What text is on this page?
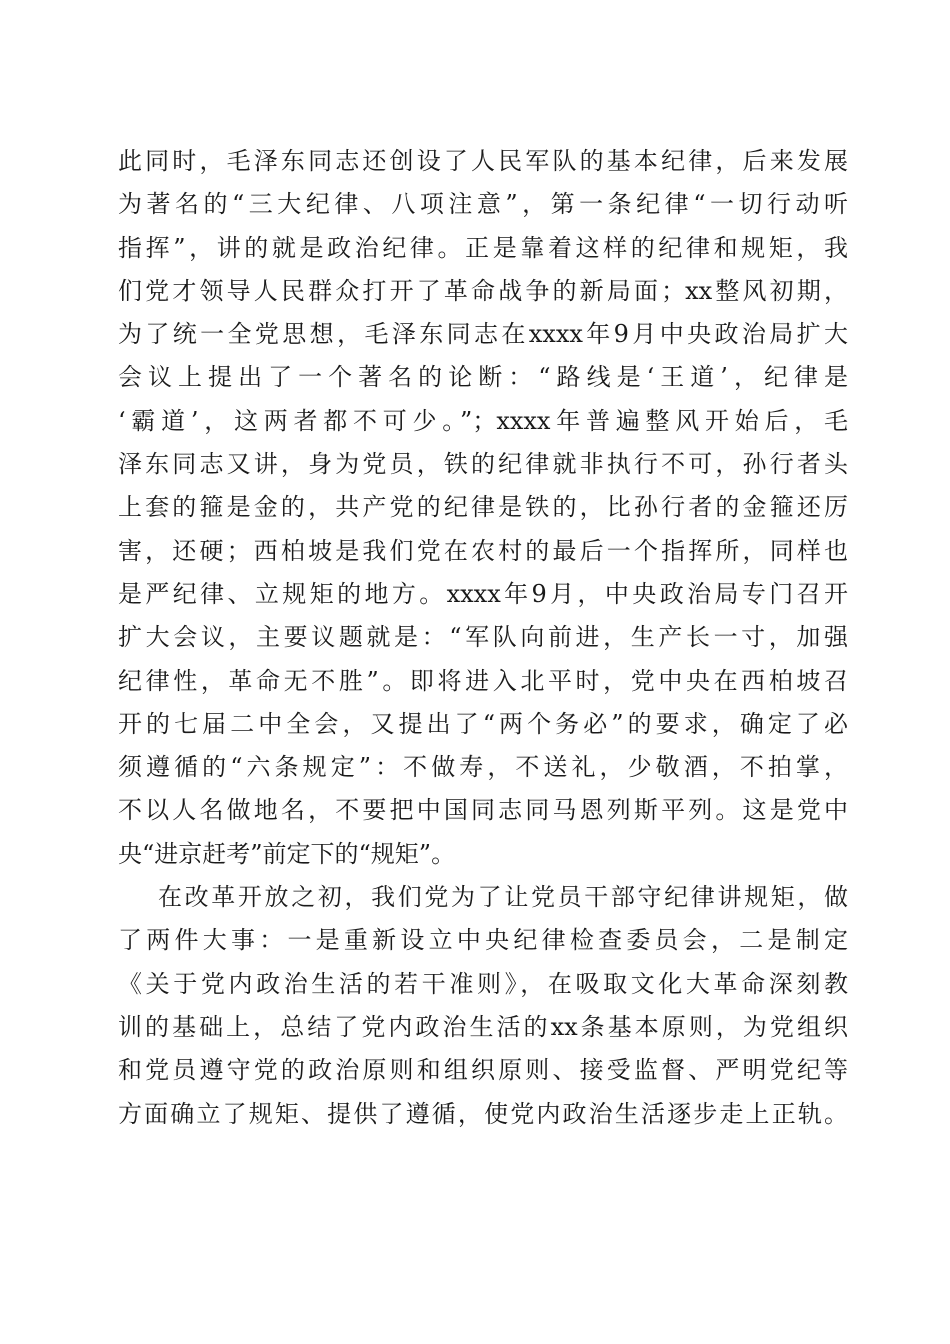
此同时，毛泽东同志还创设了人民军队的基本纪律，后来发展
为著名的“三大纪律、八项注意”，第一条纪律“一切行动听
指挥”，讲的就是政治纪律。正是靠着这样的纪律和规矩，我
们党才领导人民群众打开了革命战争的新局面；xx整风初期，
为了统一全党思想，毛泽东同志在xxxx年9月中央政治局扩大
会议上提出了一个著名的论断：“路线是‘王道’，纪律是
‘霸道’，这两者都不可少。”；xxxx年普遍整风开始后，毛
泽东同志又讲，身为党员，铁的纪律就非执行不可，孙行者头
上套的箍是金的，共产党的纪律是铁的，比孙行者的金箍还厉
害，还硬；西柏坡是我们党在农村的最后一个指挥所，同样也
是严纪律、立规矩的地方。xxxx年9月，中央政治局专门召开
扩大会议，主要议题就是：“军队向前进，生产长一寸，加强
纪律性，革命无不胜”。即将进入北平时，党中央在西柏坡召
开的七届二中全会，又提出了“两个务必”的要求，确定了必
须遵循的“六条规定”：不做寿，不送礼，少敬酒，不拍掌，
不以人名做地名，不要把中国同志同马恩列斯平列。这是党中
央“进京赶考”前定下的“规矩”。
在改革开放之初，我们党为了让党员干部守纪律讲规矩，做
了两件大事：一是重新设立中央纪律检查委员会，二是制定
《关于党内政治生活的若干准则》，在吸取文化大革命深刻教
训的基础上，总结了党内政治生活的xx条基本原则，为党组织
和党员遵守党的政治原则和组织原则、接受监督、严明党纪等
方面确立了规矩、提供了遵循，使党内政治生活逐步走上正轨。
